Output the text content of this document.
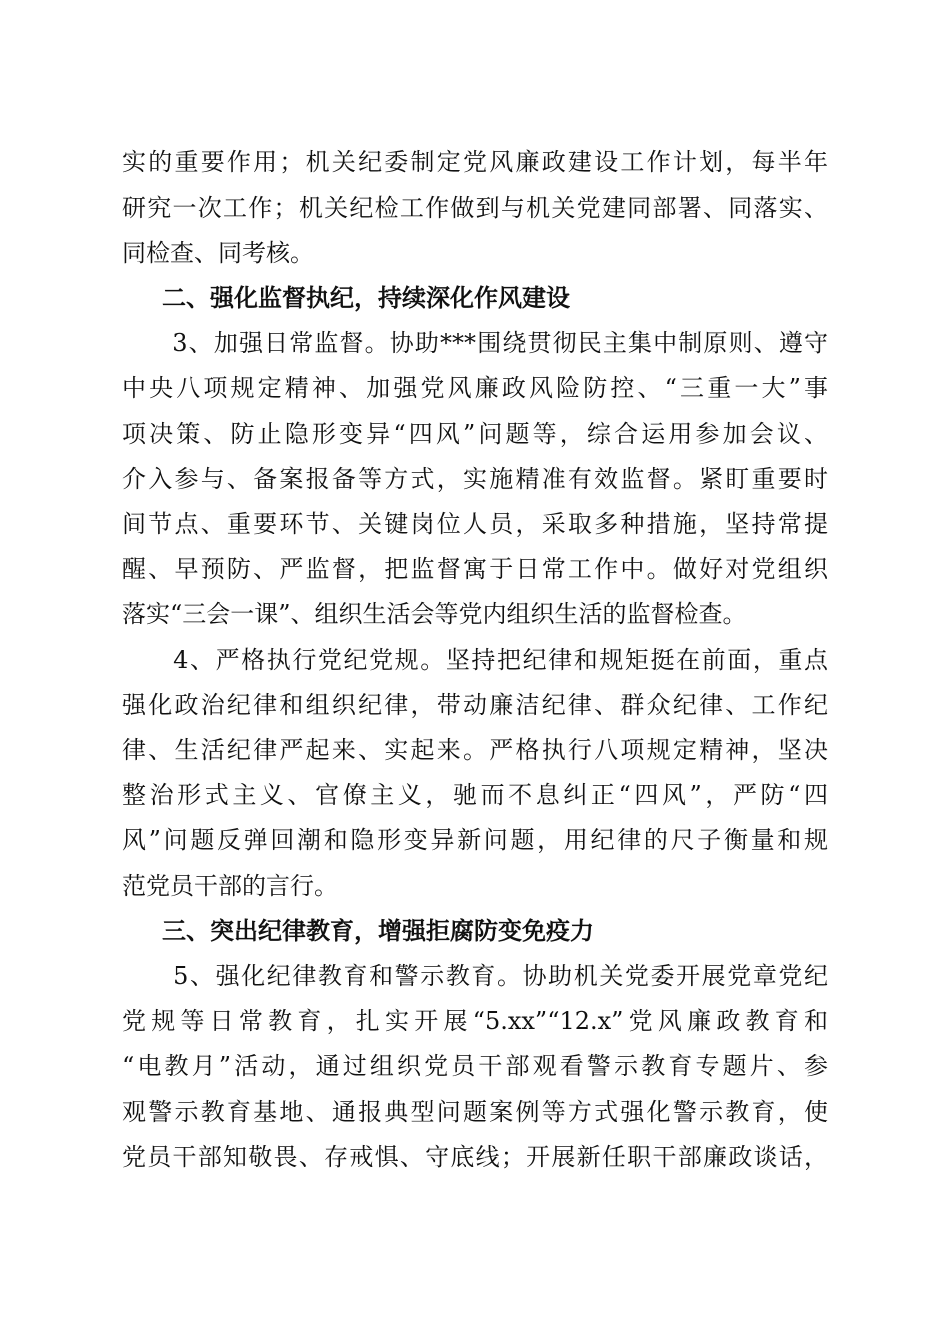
实的重要作用；机关纪委制定党风廉政建设工作计划，每半年
研究一次工作；机关纪检工作做到与机关党建同部署、同落实、
同检查、同考核。
二、强化监督执纪，持续深化作风建设
　　3、加强日常监督。协助***围绕贯彻民主集中制原则、遵守
中央八项规定精神、加强党风廉政风险防控、“三重一大”事
项决策、防止隐形变异“四风”问题等，综合运用参加会议、
介入参与、备案报备等方式，实施精准有效监督。紧盯重要时
间节点、重要环节、关键岗位人员，采取多种措施，坚持常提
醒、早预防、严监督，把监督寓于日常工作中。做好对党组织
落实“三会一课”、组织生活会等党内组织生活的监督检查。
　　4、严格执行党纪党规。坚持把纪律和规矩挺在前面，重点
强化政治纪律和组织纪律，带动廉洁纪律、群众纪律、工作纪
律、生活纪律严起来、实起来。严格执行八项规定精神，坚决
整治形式主义、官僚主义，驰而不息纠正“四风”，严防“四
风”问题反弹回潮和隐形变异新问题，用纪律的尺子衡量和规
范党员干部的言行。
三、突出纪律教育，增强拒腐防变免疫力
　　5、强化纪律教育和警示教育。协助机关党委开展党章党纪
党规等日常教育，扎实开展“5.xx”“12.x”党风廉政教育和
“电教月”活动，通过组织党员干部观看警示教育专题片、参
观警示教育基地、通报典型问题案例等方式强化警示教育，使
党员干部知敬畏、存戒惧、守底线；开展新任职干部廉政谈话，
